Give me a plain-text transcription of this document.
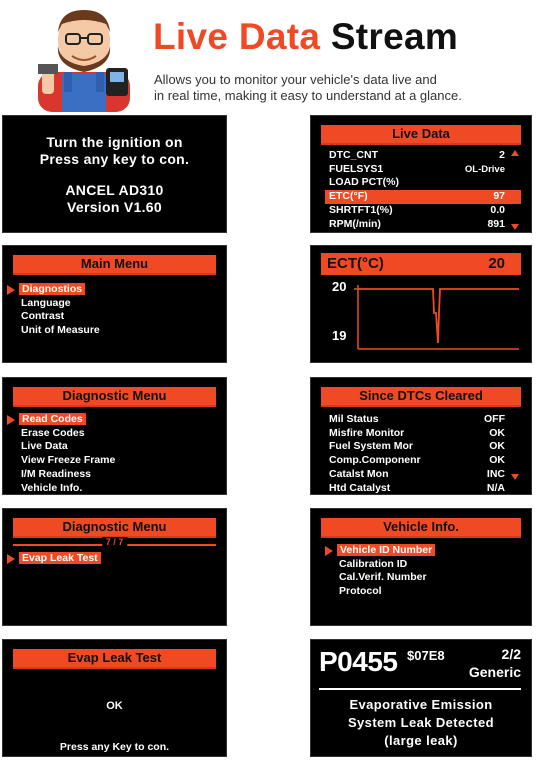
Live Data Stream
Allows you to monitor your vehicle's data live and
in real time, making it easy to understand at a glance.
Turn the ignition on
Press any key to con.
ANCEL AD310
Version V1.60
Live Data
DTC_CNT	2
FUELSYS1	OL-Drive
LOAD PCT(%)
ETC(°F)	97
SHRTFT1(%)	0.0
RPM(/min)	891
Main Menu
Diagnostios
Language
Contrast
Unit of Measure
ECT(°C)	20
20
19
Diagnostic Menu
Read Codes
Erase Codes
Live Data
View Freeze Frame
I/M Readiness
Vehicle Info.
Since DTCs Cleared
Mil Status	OFF
Misfire Monitor	OK
Fuel System Mor	OK
Comp.Componenr	OK
Catalst Mon	INC
Htd Catalyst	N/A
Diagnostic Menu
7 / 7
Evap Leak Test
Vehicle Info.
Vehicle ID Number
Calibration ID
Cal.Verif. Number
Protocol
Evap Leak Test
OK
Press any Key to con.
P0455 $07E8	2/2
Generic
Evaporative Emission
System Leak Detected
(large leak)
